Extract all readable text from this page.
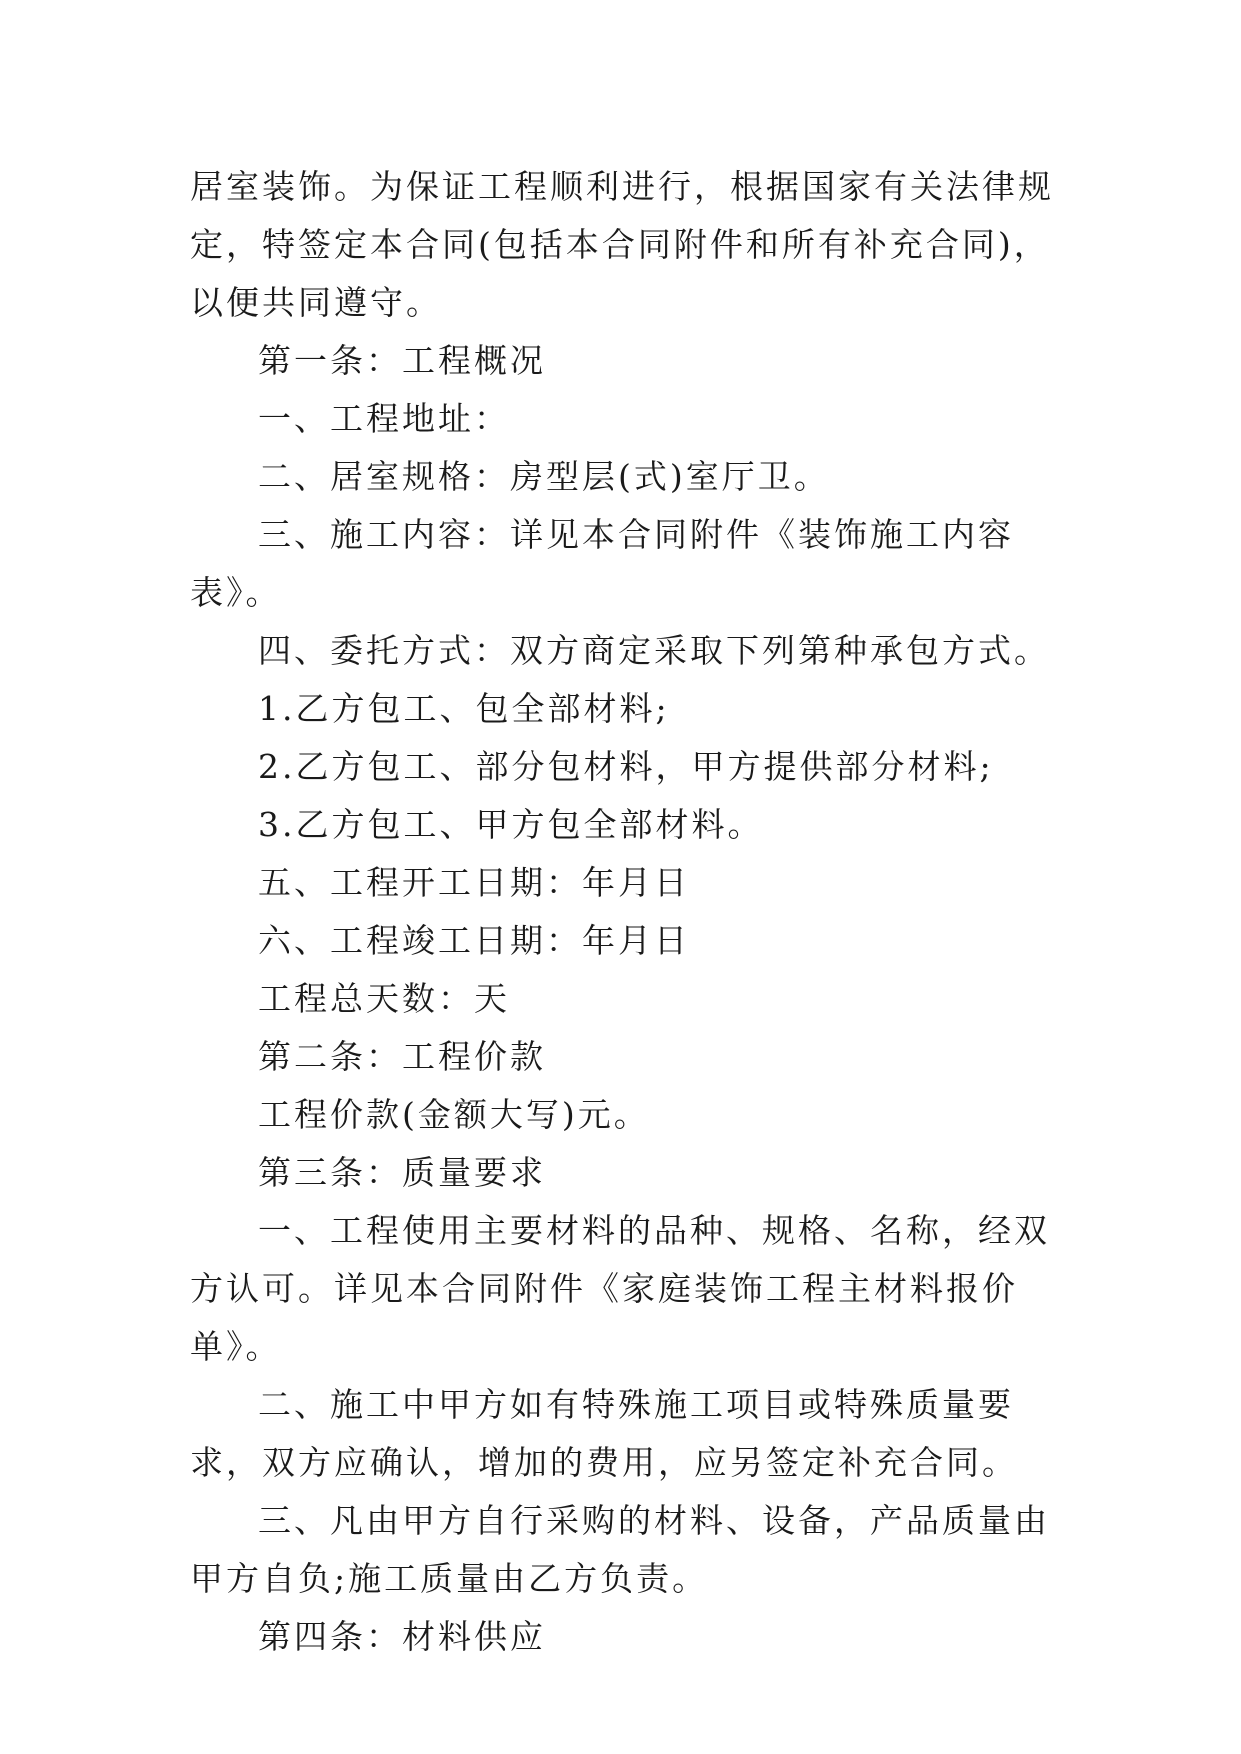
居室装饰。为保证工程顺利进行，根据国家有关法律规定，特签定本合同(包括本合同附件和所有补充合同)，以便共同遵守。

第一条：工程概况

一、工程地址：

二、居室规格：房型层(式)室厅卫。

三、施工内容：详见本合同附件《装饰施工内容表》。

四、委托方式：双方商定采取下列第种承包方式。

1.乙方包工、包全部材料;

2.乙方包工、部分包材料，甲方提供部分材料;

3.乙方包工、甲方包全部材料。

五、工程开工日期：年月日

六、工程竣工日期：年月日

工程总天数：天

第二条：工程价款

工程价款(金额大写)元。

第三条：质量要求

一、工程使用主要材料的品种、规格、名称，经双方认可。详见本合同附件《家庭装饰工程主材料报价单》。

二、施工中甲方如有特殊施工项目或特殊质量要求，双方应确认，增加的费用，应另签定补充合同。

三、凡由甲方自行采购的材料、设备，产品质量由甲方自负;施工质量由乙方负责。

第四条：材料供应
